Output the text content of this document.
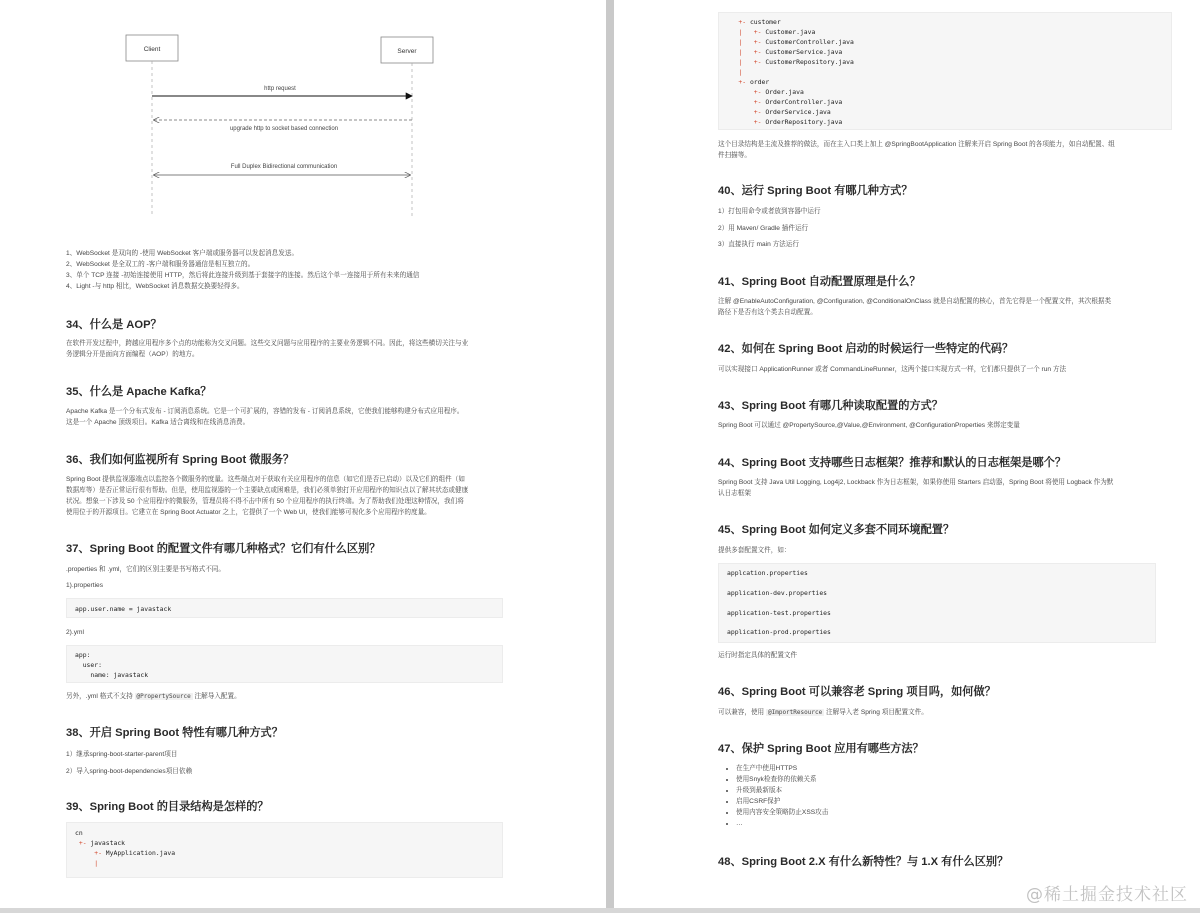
Client	Server
http request
upgrade http to socket based connection
Full Duplex Bidirectional communication
1、WebSocket 是双向的 -使用 WebSocket 客户端或服务器可以发起消息发送。
2、WebSocket 是全双工的 -客户端和服务器通信是相互独立的。
3、单个 TCP 连接 -初始连接使用 HTTP，然后将此连接升级到基于套接字的连接。然后这个单一连接用于所有未来的通信
4、Light -与 http 相比，WebSocket 消息数据交换要轻得多。
34、什么是 AOP？
在软件开发过程中，跨越应用程序多个点的功能称为交叉问题。这些交叉问题与应用程序的主要业务逻辑不同。因此，将这些横切关注与业
务逻辑分开是面向方面编程（AOP）的地方。
35、什么是 Apache Kafka？
Apache Kafka 是一个分布式发布 - 订阅消息系统。它是一个可扩展的，容错的发布 - 订阅消息系统，它使我们能够构建分布式应用程序。
这是一个 Apache 顶级项目。Kafka 适合离线和在线消息消费。
36、我们如何监视所有 Spring Boot 微服务？
Spring Boot 提供监视器端点以监控各个微服务的度量。这些端点对于获取有关应用程序的信息（如它们是否已启动）以及它们的组件（如
数据库等）是否正常运行很有帮助。但是，使用监视器的一个主要缺点或困难是，我们必须单独打开应用程序的知识点以了解其状态或健康
状况。想象一下涉及 50 个应用程序的微服务，管理员将不得不击中所有 50 个应用程序的执行终端。为了帮助我们处理这种情况，我们将
使用位于的开源项目。它建立在 Spring Boot Actuator 之上，它提供了一个 Web UI，使我们能够可视化多个应用程序的度量。
37、Spring Boot 的配置文件有哪几种格式？它们有什么区别？
.properties 和 .yml，它们的区别主要是书写格式不同。
1).properties
app.user.name = javastack
2).yml
app:
user:
name: javastack
另外，.yml 格式不支持 @PropertySource 注解导入配置。
38、开启 Spring Boot 特性有哪几种方式？
1）继承spring-boot-starter-parent项目
2）导入spring-boot-dependencies项目依赖
39、Spring Boot 的目录结构是怎样的？
cn
+- javastack
+- MyApplication.java
|
+- customer
|   +- Customer.java
|   +- CustomerController.java
|   +- CustomerService.java
|   +- CustomerRepository.java
|
+- order
+- Order.java
+- OrderController.java
+- OrderService.java
+- OrderRepository.java
这个目录结构是主流及推荐的做法，而在主入口类上加上 @SpringBootApplication 注解来开启 Spring Boot 的各项能力，如自动配置、组
件扫描等。
40、运行 Spring Boot 有哪几种方式？
1）打包用命令或者放到容器中运行
2）用 Maven/ Gradle 插件运行
3）直接执行 main 方法运行
41、Spring Boot 自动配置原理是什么？
注解 @EnableAutoConfiguration, @Configuration, @ConditionalOnClass 就是自动配置的核心，首先它得是一个配置文件，其次根据类
路径下是否有这个类去自动配置。
42、如何在 Spring Boot 启动的时候运行一些特定的代码？
可以实现接口 ApplicationRunner 或者 CommandLineRunner，这两个接口实现方式一样，它们都只提供了一个 run 方法
43、Spring Boot 有哪几种读取配置的方式？
Spring Boot 可以通过 @PropertySource,@Value,@Environment, @ConfigurationProperties 来绑定变量
44、Spring Boot 支持哪些日志框架？推荐和默认的日志框架是哪个？
Spring Boot 支持 Java Util Logging, Log4j2, Lockback 作为日志框架，如果你使用 Starters 启动器，Spring Boot 将使用 Logback 作为默
认日志框架
45、Spring Boot 如何定义多套不同环境配置？
提供多套配置文件，如：
applcation.properties
application-dev.properties
application-test.properties
application-prod.properties
运行时指定具体的配置文件
46、Spring Boot 可以兼容老 Spring 项目吗，如何做？
可以兼容，使用 @ImportResource 注解导入老 Spring 项目配置文件。
47、保护 Spring Boot 应用有哪些方法？
• 在生产中使用HTTPS
• 使用Snyk检查你的依赖关系
• 升级到最新版本
• 启用CSRF保护
• 使用内容安全策略防止XSS攻击
• …
48、Spring Boot 2.X 有什么新特性？与 1.X 有什么区别？
@稀土掘金技术社区
